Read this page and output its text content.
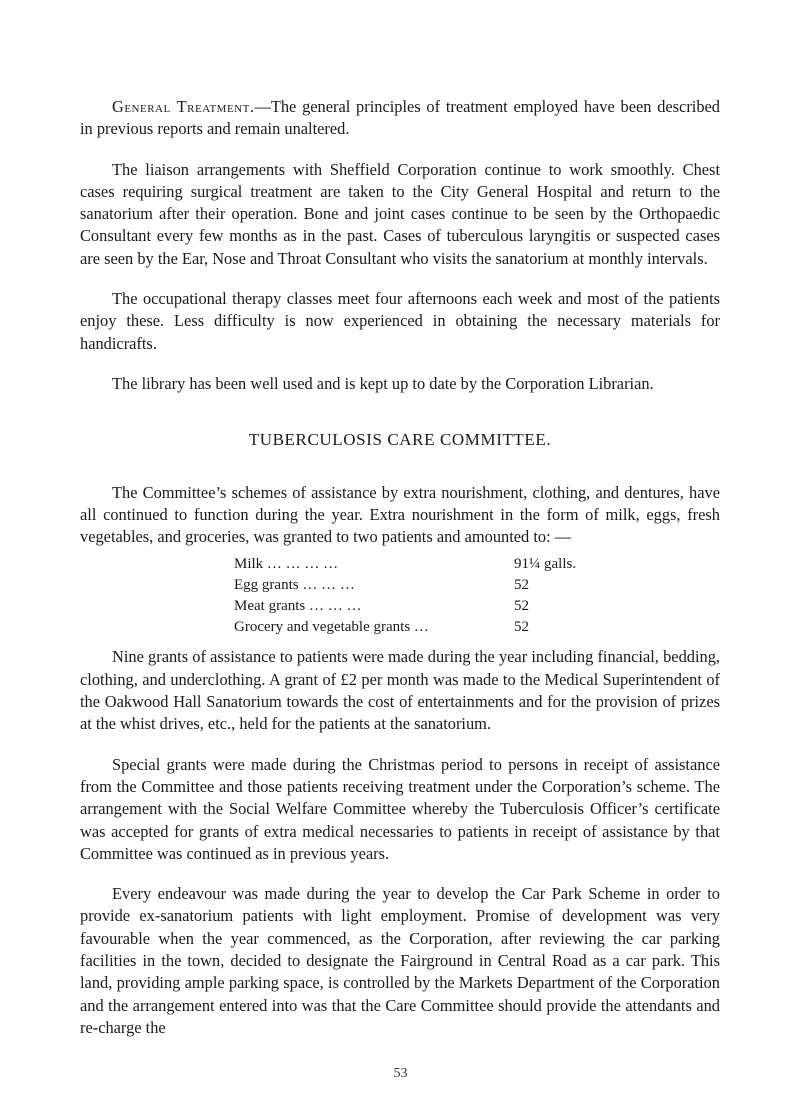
General Treatment.—The general principles of treatment employed have been described in previous reports and remain unaltered.

The liaison arrangements with Sheffield Corporation continue to work smoothly. Chest cases requiring surgical treatment are taken to the City General Hospital and return to the sanatorium after their operation. Bone and joint cases continue to be seen by the Orthopaedic Consultant every few months as in the past. Cases of tuberculous laryngitis or suspected cases are seen by the Ear, Nose and Throat Consultant who visits the sanatorium at monthly intervals.

The occupational therapy classes meet four afternoons each week and most of the patients enjoy these. Less difficulty is now experienced in obtaining the necessary materials for handicrafts.

The library has been well used and is kept up to date by the Corporation Librarian.

TUBERCULOSIS CARE COMMITTEE.

The Committee’s schemes of assistance by extra nourishment, clothing, and dentures, have all continued to function during the year. Extra nourishment in the form of milk, eggs, fresh vegetables, and groceries, was granted to two patients and amounted to: —

Milk … … … …	91¼ galls.
Egg grants … … …	52
Meat grants … … …	52
Grocery and vegetable grants …	52

Nine grants of assistance to patients were made during the year including financial, bedding, clothing, and underclothing. A grant of £2 per month was made to the Medical Superintendent of the Oakwood Hall Sanatorium towards the cost of entertainments and for the provision of prizes at the whist drives, etc., held for the patients at the sanatorium.

Special grants were made during the Christmas period to persons in receipt of assistance from the Committee and those patients receiving treatment under the Corporation’s scheme. The arrangement with the Social Welfare Committee whereby the Tuberculosis Officer’s certificate was accepted for grants of extra medical necessaries to patients in receipt of assistance by that Committee was continued as in previous years.

Every endeavour was made during the year to develop the Car Park Scheme in order to provide ex-sanatorium patients with light employment. Promise of development was very favourable when the year commenced, as the Corporation, after reviewing the car parking facilities in the town, decided to designate the Fairground in Central Road as a car park. This land, providing ample parking space, is controlled by the Markets Department of the Corporation and the arrangement entered into was that the Care Committee should provide the attendants and re-charge the

53
